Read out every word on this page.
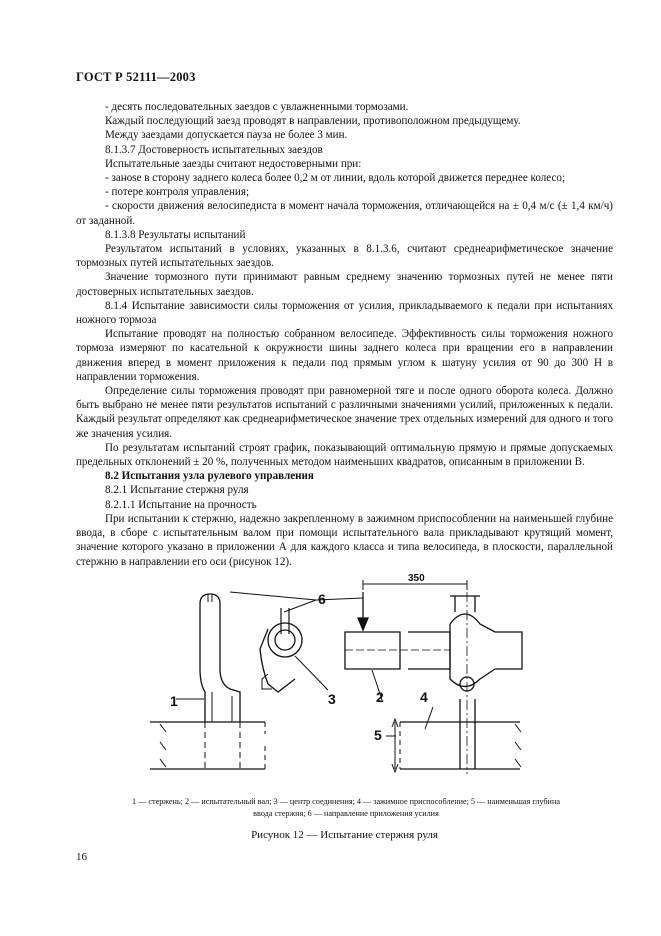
ГОСТ Р 52111—2003

- десять последовательных заездов с увлажненными тормозами.

Каждый последующий заезд проводят в направлении, противоположном предыдущему.

Между заездами допускается пауза не более 3 мин.

8.1.3.7 Достоверность испытательных заездов

Испытательные заезды считают недостоверными при:

- занose в сторону заднего колеса более 0,2 м от линии, вдоль которой движется переднее колесо;

- потере контроля управления;

- скорости движения велосипедиста в момент начала торможения, отличающейся на ± 0,4 м/с (± 1,4 км/ч) от заданной.

8.1.3.8 Результаты испытаний

Результатом испытаний в условиях, указанных в 8.1.3.6, считают среднеарифметическое значение тормозных путей испытательных заездов.

Значение тормозного пути принимают равным среднему значению тормозных путей не менее пяти достоверных испытательных заездов.

8.1.4 Испытание зависимости силы торможения от усилия, прикладываемого к педали при испытаниях ножного тормоза

Испытание проводят на полностью собранном велосипеде. Эффективность силы торможения ножного тормоза измеряют по касательной к окружности шины заднего колеса при вращении его в направлении движения вперед в момент приложения к педали под прямым углом к шатуну усилия от 90 до 300 Н в направлении торможения.

Определение силы торможения проводят при равномерной тяге и после одного оборота колеса. Должно быть выбрано не менее пяти результатов испытаний с различными значениями усилий, приложенных к педали. Каждый результат определяют как среднеарифметическое значение трех отдельных измерений для одного и того же значения усилия.

По результатам испытаний строят график, показывающий оптимальную прямую и прямые допускаемых предельных отклонений ± 20 %, полученных методом наименьших квадратов, описанным в приложении В.

8.2 Испытания узла рулевого управления

8.2.1 Испытание стержня руля

8.2.1.1 Испытание на прочность

При испытании к стержню, надежно закрепленному в зажимном приспособлении на наименьшей глубине ввода, в сборе с испытательным валом при помощи испытательного вала прикладывают крутящий момент, значение которого указано в приложении А для каждого класса и типа велосипеда, в плоскости, параллельной стержню в направлении его оси (рисунок 12).

1	2
3	4
5
6
350
1 — стержень; 2 — испытательный вал; 3 — центр соединения; 4 — зажимное приспособление; 5 — наименьшая глубина
ввода стержня; 6 — направление приложения усилия
Рисунок 12 — Испытание стержня руля
16
